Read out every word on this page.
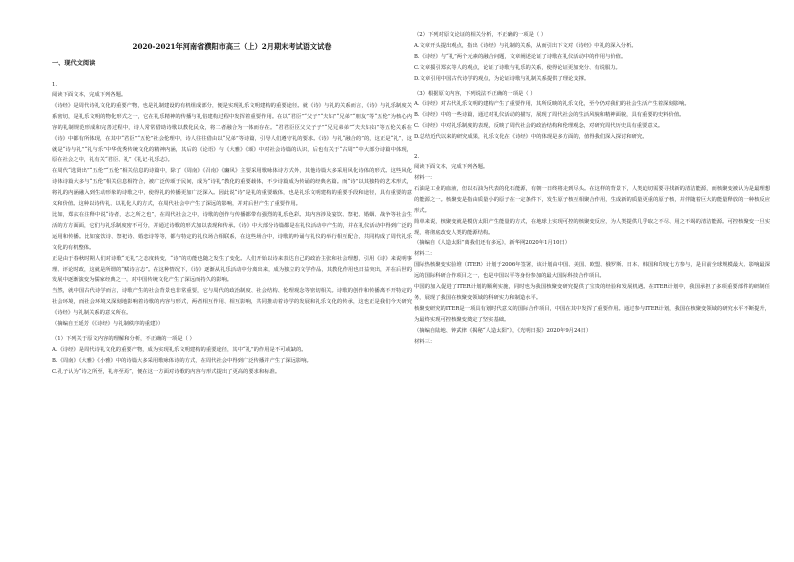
2020-2021年河南省濮阳市高三（上）2月期末考试语文试卷
一、现代文阅读
1.

阅读下面文本，完成下列各题。

《诗经》是周代诗礼文化的重要产物，也是礼制建设的有机组成部分，便是实现礼乐文明建构的重要途径。就《诗》与礼的关系而言，《诗》与礼乐制度关系密切，是礼乐文明的物化形式之一，它在礼乐精神的传播与礼俗建构过程中发挥着重要作用。在以“君臣”“父子”“夫妇”“兄弟”“朋友”等“五伦”为核心内容的礼制规范形成和完善过程中，诗人常常借助诗歌以教化民众，将二者融合为一体而存在。“君君臣臣父父子子”“兄兄弟弟”“夫夫妇妇”等五伦关系在《诗》中都有所体现，在其中“君臣”“五伦”社会伦理中，诗人往往借由以“兄弟”等诗篇，引导人们遵守礼的要求。《诗》与礼“融合的”的，这正是“礼”，这就是“诗与礼”“礼与乐”中华优秀传统文化的精神内涵，其后的《论语》与《大雅》《颂》中对社会诗篇的认识，后也有关于“古周”“中大部分诗篇中体现，原在社会之中，礼有关“君臣、礼”《礼记·礼乐志》。

在周代“选贤出”“五伦”“五伦”相关信息的诗篇中，除了《周南》《召南》《豳风》主要采用歌咏体诗方式外，其他诗篇大多采用风化诗体的形式。这些风化诗体诗篇大多与“五伦”相关信息相符合，被广泛传颂于民间，成为“诗礼”教化的重要载体，不少诗篇成为传诵的经典名篇。而“诗”以其独特的艺术形式，将礼的内涵融入到生动形象的诗歌之中，使得礼的传播更加广泛深入。因此说“诗”是礼的重要载体，也是礼乐文明建构的重要手段和途径，具有重要的意义和价值。这种以诗传礼、以礼化人的方式，在周代社会中产生了深远的影响，并对后世产生了重要作用。

比如，郑玄在注释中说“诗者，志之所之也”，在周代社会之中，诗歌的创作与传播都带有强烈的礼乐色彩。其内容涉及宴饮、祭祀、婚姻、战争等社会生活的方方面面，它们与礼乐制度密不可分，并通过诗歌的形式加以表现和传承。《诗》中大部分诗篇都是在礼仪活动中产生的，并在礼仪活动中得到广泛的运用和传播。比如宴饮诗、祭祀诗、婚恋诗等等，都与特定的礼仪场合相联系，在这些场合中，诗歌的吟诵与礼仪的举行相互配合，共同构成了周代礼乐文化的有机整体。

正是由于春秋时期人们对诗歌“无礼”之态度转变，“诗”的功能也随之发生了变化。人们开始以诗来表达自己的政治主张和社会理想，引用《诗》来说明事理、评论时政，这就是所谓的“赋诗言志”。在这种情况下，《诗》逐渐从礼乐活动中分离出来，成为独立的文学作品，其教化作用也日益突出，并在后世的发展中逐渐演变为儒家经典之一，对中国传统文化产生了深远而持久的影响。

当然，就中国古代诗学而言，诗歌产生的社会背景也非常重要，它与周代的政治制度、社会结构、伦理观念等密切相关。诗歌的创作和传播离不开特定的社会环境，而社会环境又深刻地影响着诗歌的内容与形式，两者相互作用、相互影响，共同推动着诗学的发展和礼乐文化的传承，这也正是我们今天研究《诗经》与礼制关系的意义所在。

（摘编自王延芳《《诗经》与礼制秩序的重建》）

（1）下列关于原文内容的理解和分析，不正确的一项是（ ）

A.《诗经》是周代诗礼文化的重要产物，成为实现礼乐文明建构的重要途径，其中“礼”的作用是不可或缺的。

B.《周南》《大雅》《小雅》中的诗篇大多采用歌咏体诗的方式，在周代社会中得到广泛传播并产生了深远影响。

C.孔子认为“诗之所至，礼亦至焉”，便在这一方面对诗歌的内容与形式提出了更高的要求和标准。

（2）下列对原文论证的相关分析，不正确的一项是（ ）

A.文章开头提出观点，指出《诗经》与礼制的关系，从而引出下文对《诗经》中礼的深入分析。

B.《诗经》与“礼”两个元素的融合问题，文章阐述论证了诗歌在礼仪活动中的作用与价值。

C.文章援引郑玄等人的观点，论证了诗歌与礼乐的关系，使得论证更加充分、有说服力。

D.文章引用中国古代诗学的观点，为论证诗歌与礼制关系提供了理论支撑。

（3）根据原文内容，下列说法不正确的一项是（ ）

A.《诗经》对古代礼乐文明的建构产生了重要作用，其所反映的礼乐文化，至今仍对我们的社会生活产生着深刻影响。

B.《诗经》中的一些诗篇，通过对礼仪活动的描写，展现了周代社会的生活风貌和精神面貌，具有重要的史料价值。

C.《诗经》中对礼乐制度的表现，反映了周代社会的政治结构和伦理观念，对研究周代历史具有重要意义。

D.总结近代以来的研究成果，礼乐文化在《诗经》中的体现是多方面的，值得我们深入探讨和研究。

2.

阅读下面文本，完成下列各题。

材料一：

石油是工业的血液，但以石油为代表的化石能源，有朝一日终将走到尽头。在这样的背景下，人类迫切需要寻找新的清洁能源，而核聚变被认为是最理想的能源之一。核聚变是指由质量小的原子在一定条件下，发生原子核互相聚合作用，生成新的质量更重的原子核，并伴随着巨大的能量释放的一种核反应形式。

简单来说，核聚变就是模仿太阳产生能量的方式，在地球上实现可控的核聚变反应，为人类提供几乎取之不尽、用之不竭的清洁能源。可控核聚变一旦实现，将彻底改变人类的能源结构。

（摘编自《人造太阳”离我们还有多远》，新华网2020年1月10日）

材料二：

国际热核聚变实验堆（ITER）计划于2006年签署，该计划由中国、美国、欧盟、俄罗斯、日本、韩国和印度七方参与，是目前全球规模最大、影响最深远的国际科研合作项目之一，也是中国以平等身份参加的最大国际科技合作项目。

中国的加入促进了ITER计划的顺利实施，同时也为我国核聚变研究提供了宝贵的经验和发展机遇。在ITER计划中，我国承担了多项重要部件的研制任务，展现了我国在核聚变领域的科研实力和制造水平。

核聚变研究的ITER是一项具有划时代意义的国际合作项目，中国在其中发挥了重要作用。通过参与ITER计划，我国在核聚变领域的研究水平不断提升，为最终实现可控核聚变奠定了坚实基础。

（摘编自陆地、钟武律《揭秘“人造太阳”》，《光明日报》2020年9月24日）

材料三：
